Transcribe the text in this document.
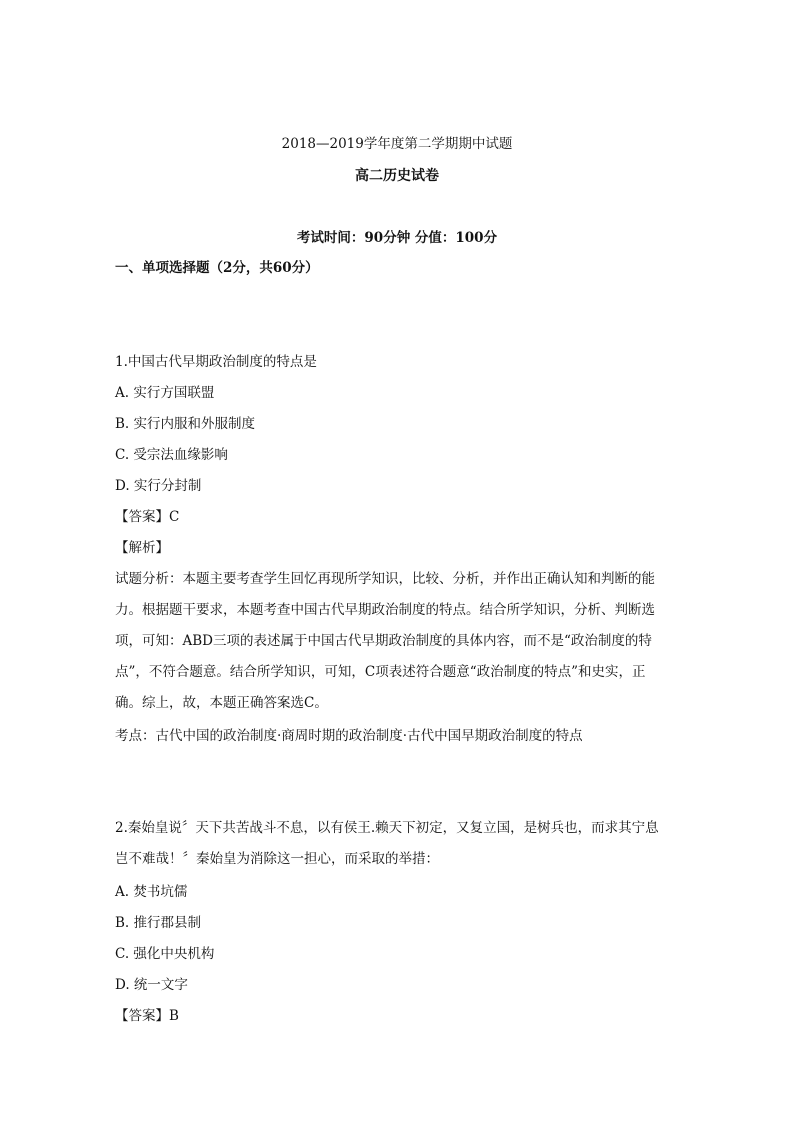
2018—2019学年度第二学期期中试题
高二历史试卷
考试时间：90分钟 分值：100分
一、单项选择题（2分，共60分）
1.中国古代早期政治制度的特点是
A. 实行方国联盟
B. 实行内服和外服制度
C. 受宗法血缘影响
D. 实行分封制
【答案】C
【解析】
试题分析：本题主要考查学生回忆再现所学知识，比较、分析，并作出正确认知和判断的能
力。根据题干要求，本题考查中国古代早期政治制度的特点。结合所学知识，分析、判断选
项，可知：ABD三项的表述属于中国古代早期政治制度的具体内容，而不是“政治制度的特
点”，不符合题意。结合所学知识，可知，C项表述符合题意“政治制度的特点”和史实，正
确。综上，故，本题正确答案选C。
考点：古代中国的政治制度·商周时期的政治制度·古代中国早期政治制度的特点
2.秦始皇说〞天下共苦战斗不息，以有侯王.赖天下初定，又复立国，是树兵也，而求其宁息
岂不难哉！〞秦始皇为消除这一担心，而采取的举措：
A. 焚书坑儒
B. 推行郡县制
C. 强化中央机构
D. 统一文字
【答案】B
